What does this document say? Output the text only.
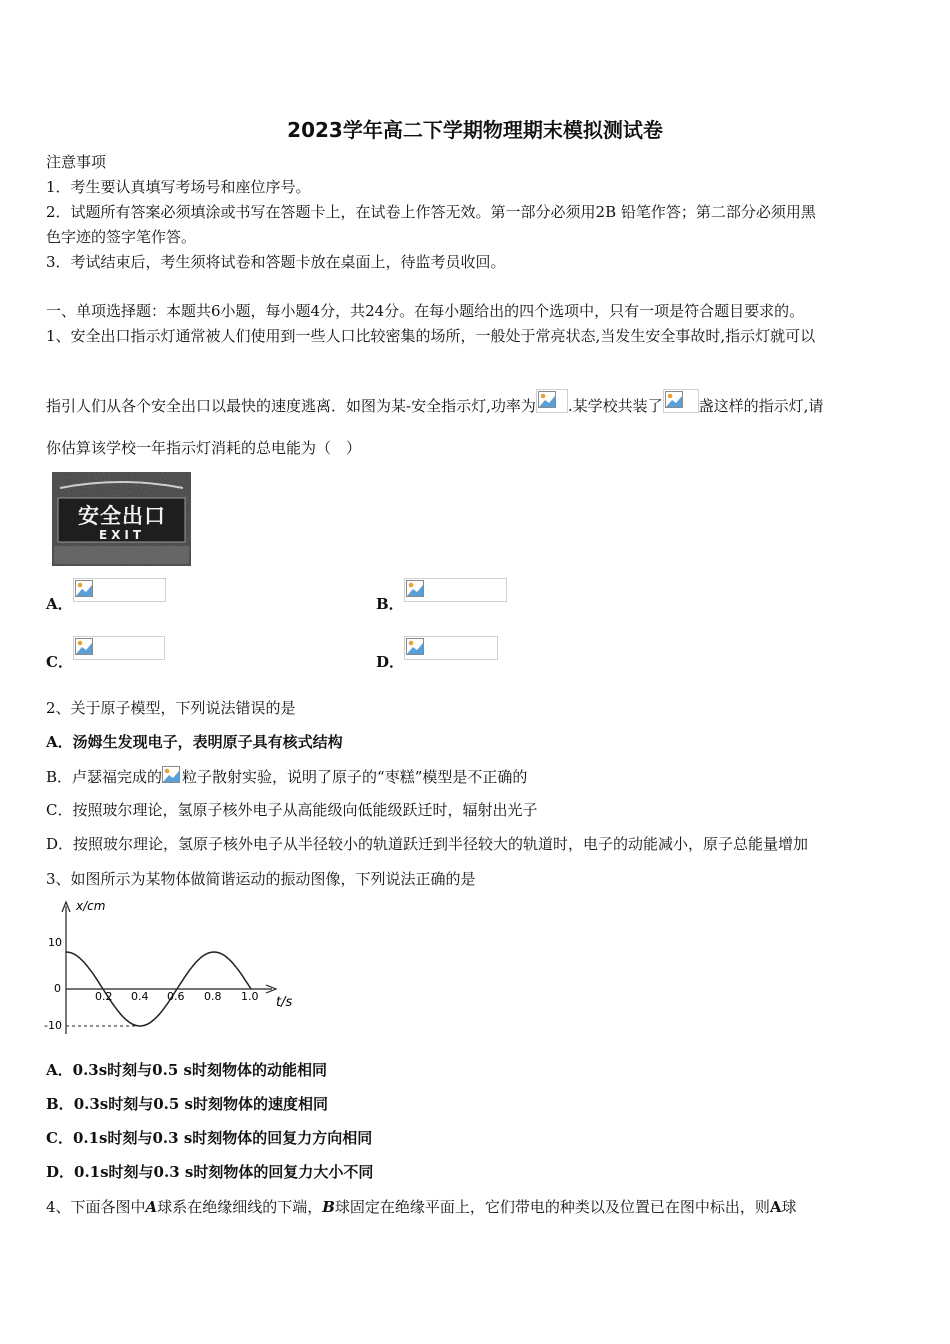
2023学年高二下学期物理期末模拟测试卷
注意事项
1．考生要认真填写考场号和座位序号。
2．试题所有答案必须填涂或书写在答题卡上，在试卷上作答无效。第一部分必须用2B 铅笔作答；第二部分必须用黑
色字迹的签字笔作答。
3．考试结束后，考生须将试卷和答题卡放在桌面上，待监考员收回。
一、单项选择题：本题共6小题，每小题4分，共24分。在每小题给出的四个选项中，只有一项是符合题目要求的。
1、安全出口指示灯通常被人们使用到一些人口比较密集的场所，一般处于常亮状态,当发生安全事故时,指示灯就可以
指引人们从各个安全出口以最快的速度逃离．如图为某-安全指示灯,功率为 .某学校共装了 盏这样的指示灯,请
你估算该学校一年指示灯消耗的总电能为（　）
安全出口
EXIT
A．	B．
C．	D．
2、关于原子模型，下列说法错误的是
A．汤姆生发现电子，表明原子具有核式结构
B．卢瑟福完成的 粒子散射实验，说明了原子的“枣糕”模型是不正确的
C．按照玻尔理论，氢原子核外电子从高能级向低能级跃迁时，辐射出光子
D．按照玻尔理论，氢原子核外电子从半径较小的轨道跃迁到半径较大的轨道时，电子的动能减小，原子总能量增加
3、如图所示为某物体做简谐运动的振动图像，下列说法正确的是
x/cm
t/s
10
0
-10
0.2 0.4 0.6 0.8 1.0
A．0.3s时刻与0.5 s时刻物体的动能相同
B．0.3s时刻与0.5 s时刻物体的速度相同
C．0.1s时刻与0.3 s时刻物体的回复力方向相同
D．0.1s时刻与0.3 s时刻物体的回复力大小不同
4、下面各图中A球系在绝缘细线的下端，B球固定在绝缘平面上，它们带电的种类以及位置已在图中标出，则A球
